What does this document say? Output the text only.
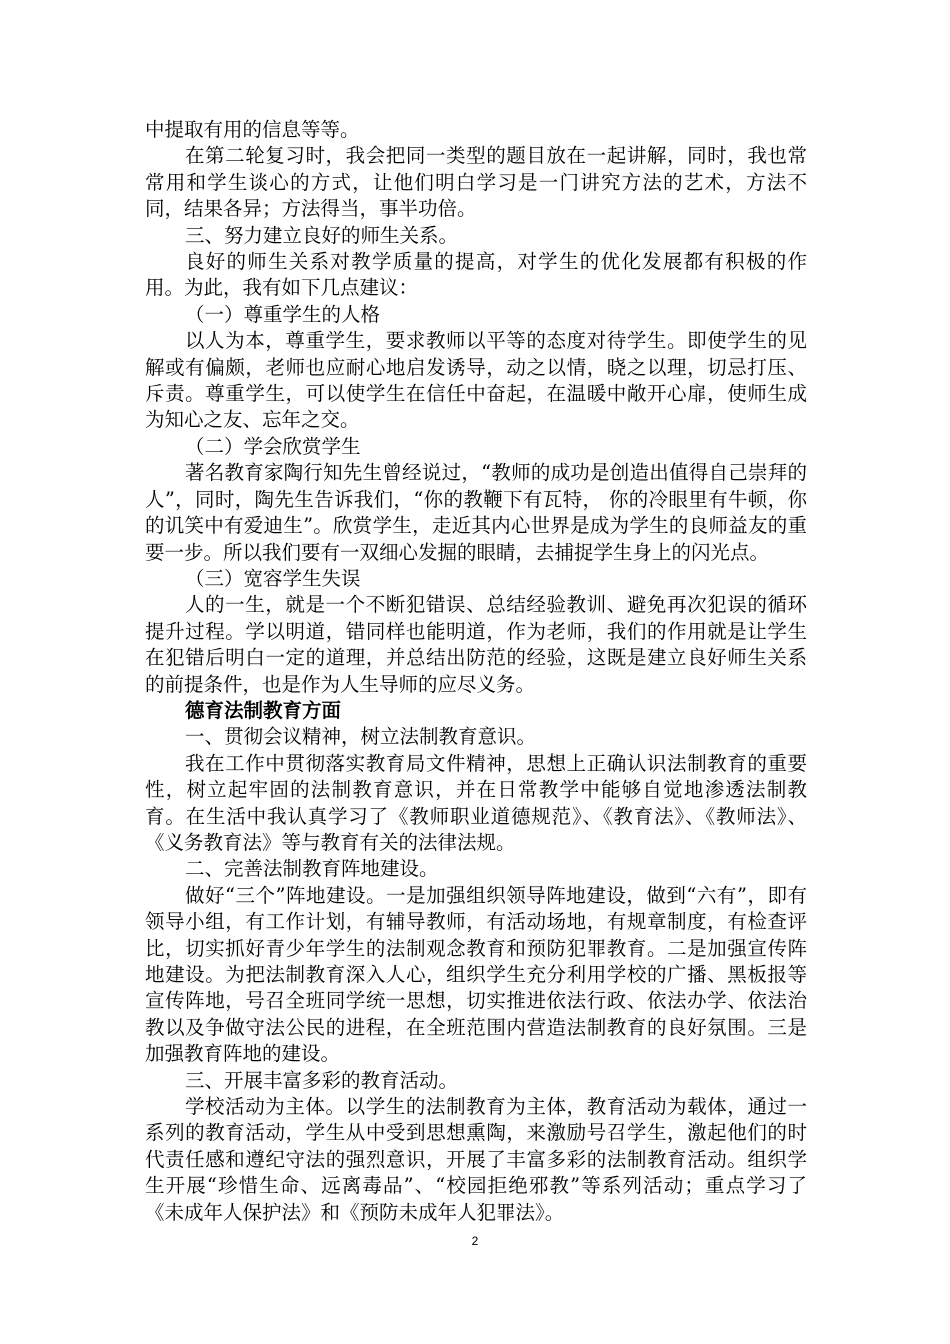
中提取有用的信息等等。

在第二轮复习时，我会把同一类型的题目放在一起讲解，同时，我也常常用和学生谈心的方式，让他们明白学习是一门讲究方法的艺术，方法不同，结果各异；方法得当，事半功倍。

三、努力建立良好的师生关系。

良好的师生关系对教学质量的提高，对学生的优化发展都有积极的作用。为此，我有如下几点建议：

（一）尊重学生的人格

以人为本，尊重学生，要求教师以平等的态度对待学生。即使学生的见解或有偏颇，老师也应耐心地启发诱导，动之以情，晓之以理，切忌打压、斥责。尊重学生，可以使学生在信任中奋起，在温暖中敞开心扉，使师生成为知心之友、忘年之交。

（二）学会欣赏学生

著名教育家陶行知先生曾经说过，“教师的成功是创造出值得自己崇拜的人”，同时，陶先生告诉我们，“你的教鞭下有瓦特， 你的冷眼里有牛顿，你的讥笑中有爱迪生”。欣赏学生，走近其内心世界是成为学生的良师益友的重要一步。所以我们要有一双细心发掘的眼睛，去捕捉学生身上的闪光点。

（三）宽容学生失误

人的一生，就是一个不断犯错误、总结经验教训、避免再次犯误的循环提升过程。学以明道，错同样也能明道，作为老师，我们的作用就是让学生在犯错后明白一定的道理，并总结出防范的经验，这既是建立良好师生关系的前提条件，也是作为人生导师的应尽义务。

德育法制教育方面

一、贯彻会议精神，树立法制教育意识。

我在工作中贯彻落实教育局文件精神，思想上正确认识法制教育的重要性，树立起牢固的法制教育意识，并在日常教学中能够自觉地渗透法制教育。在生活中我认真学习了《教师职业道德规范》、《教育法》、《教师法》、《义务教育法》等与教育有关的法律法规。

二、完善法制教育阵地建设。

做好“三个”阵地建设。一是加强组织领导阵地建设，做到“六有”，即有领导小组，有工作计划，有辅导教师，有活动场地，有规章制度，有检查评比，切实抓好青少年学生的法制观念教育和预防犯罪教育。二是加强宣传阵地建设。为把法制教育深入人心，组织学生充分利用学校的广播、黑板报等宣传阵地，号召全班同学统一思想，切实推进依法行政、依法办学、依法治教以及争做守法公民的进程，在全班范围内营造法制教育的良好氛围。三是加强教育阵地的建设。

三、开展丰富多彩的教育活动。

学校活动为主体。以学生的法制教育为主体，教育活动为载体，通过一系列的教育活动，学生从中受到思想熏陶，来激励号召学生，激起他们的时代责任感和遵纪守法的强烈意识，开展了丰富多彩的法制教育活动。组织学生开展“珍惜生命、远离毒品”、“校园拒绝邪教”等系列活动；重点学习了《未成年人保护法》和《预防未成年人犯罪法》。

2
